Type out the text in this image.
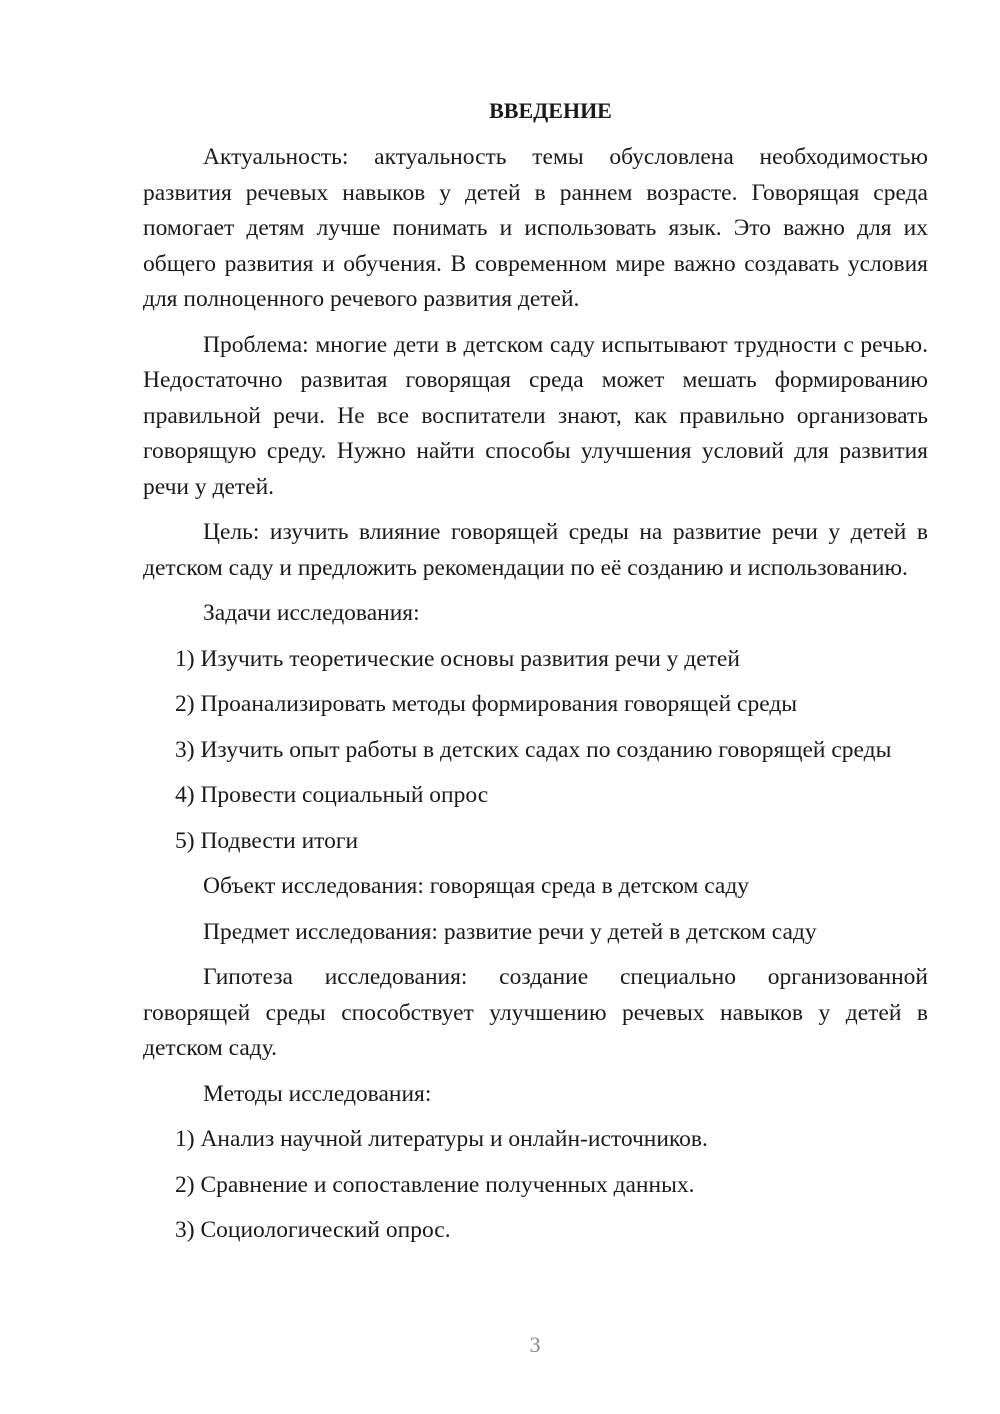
ВВЕДЕНИЕ

Актуальность: актуальность темы обусловлена необходимостью развития речевых навыков у детей в раннем возрасте. Говорящая среда помогает детям лучше понимать и использовать язык. Это важно для их общего развития и обучения. В современном мире важно создавать условия для полноценного речевого развития детей.

Проблема: многие дети в детском саду испытывают трудности с речью. Недостаточно развитая говорящая среда может мешать формированию правильной речи. Не все воспитатели знают, как правильно организовать говорящую среду. Нужно найти способы улучшения условий для развития речи у детей.

Цель: изучить влияние говорящей среды на развитие речи у детей в детском саду и предложить рекомендации по её созданию и использованию.

Задачи исследования:

1) Изучить теоретические основы развития речи у детей

2) Проанализировать методы формирования говорящей среды

3) Изучить опыт работы в детских садах по созданию говорящей среды

4) Провести социальный опрос

5) Подвести итоги

Объект исследования: говорящая среда в детском саду

Предмет исследования: развитие речи у детей в детском саду

Гипотеза исследования: создание специально организованной говорящей среды способствует улучшению речевых навыков у детей в детском саду.

Методы исследования:

1) Анализ научной литературы и онлайн-источников.

2) Сравнение и сопоставление полученных данных.

3) Социологический опрос.

3
